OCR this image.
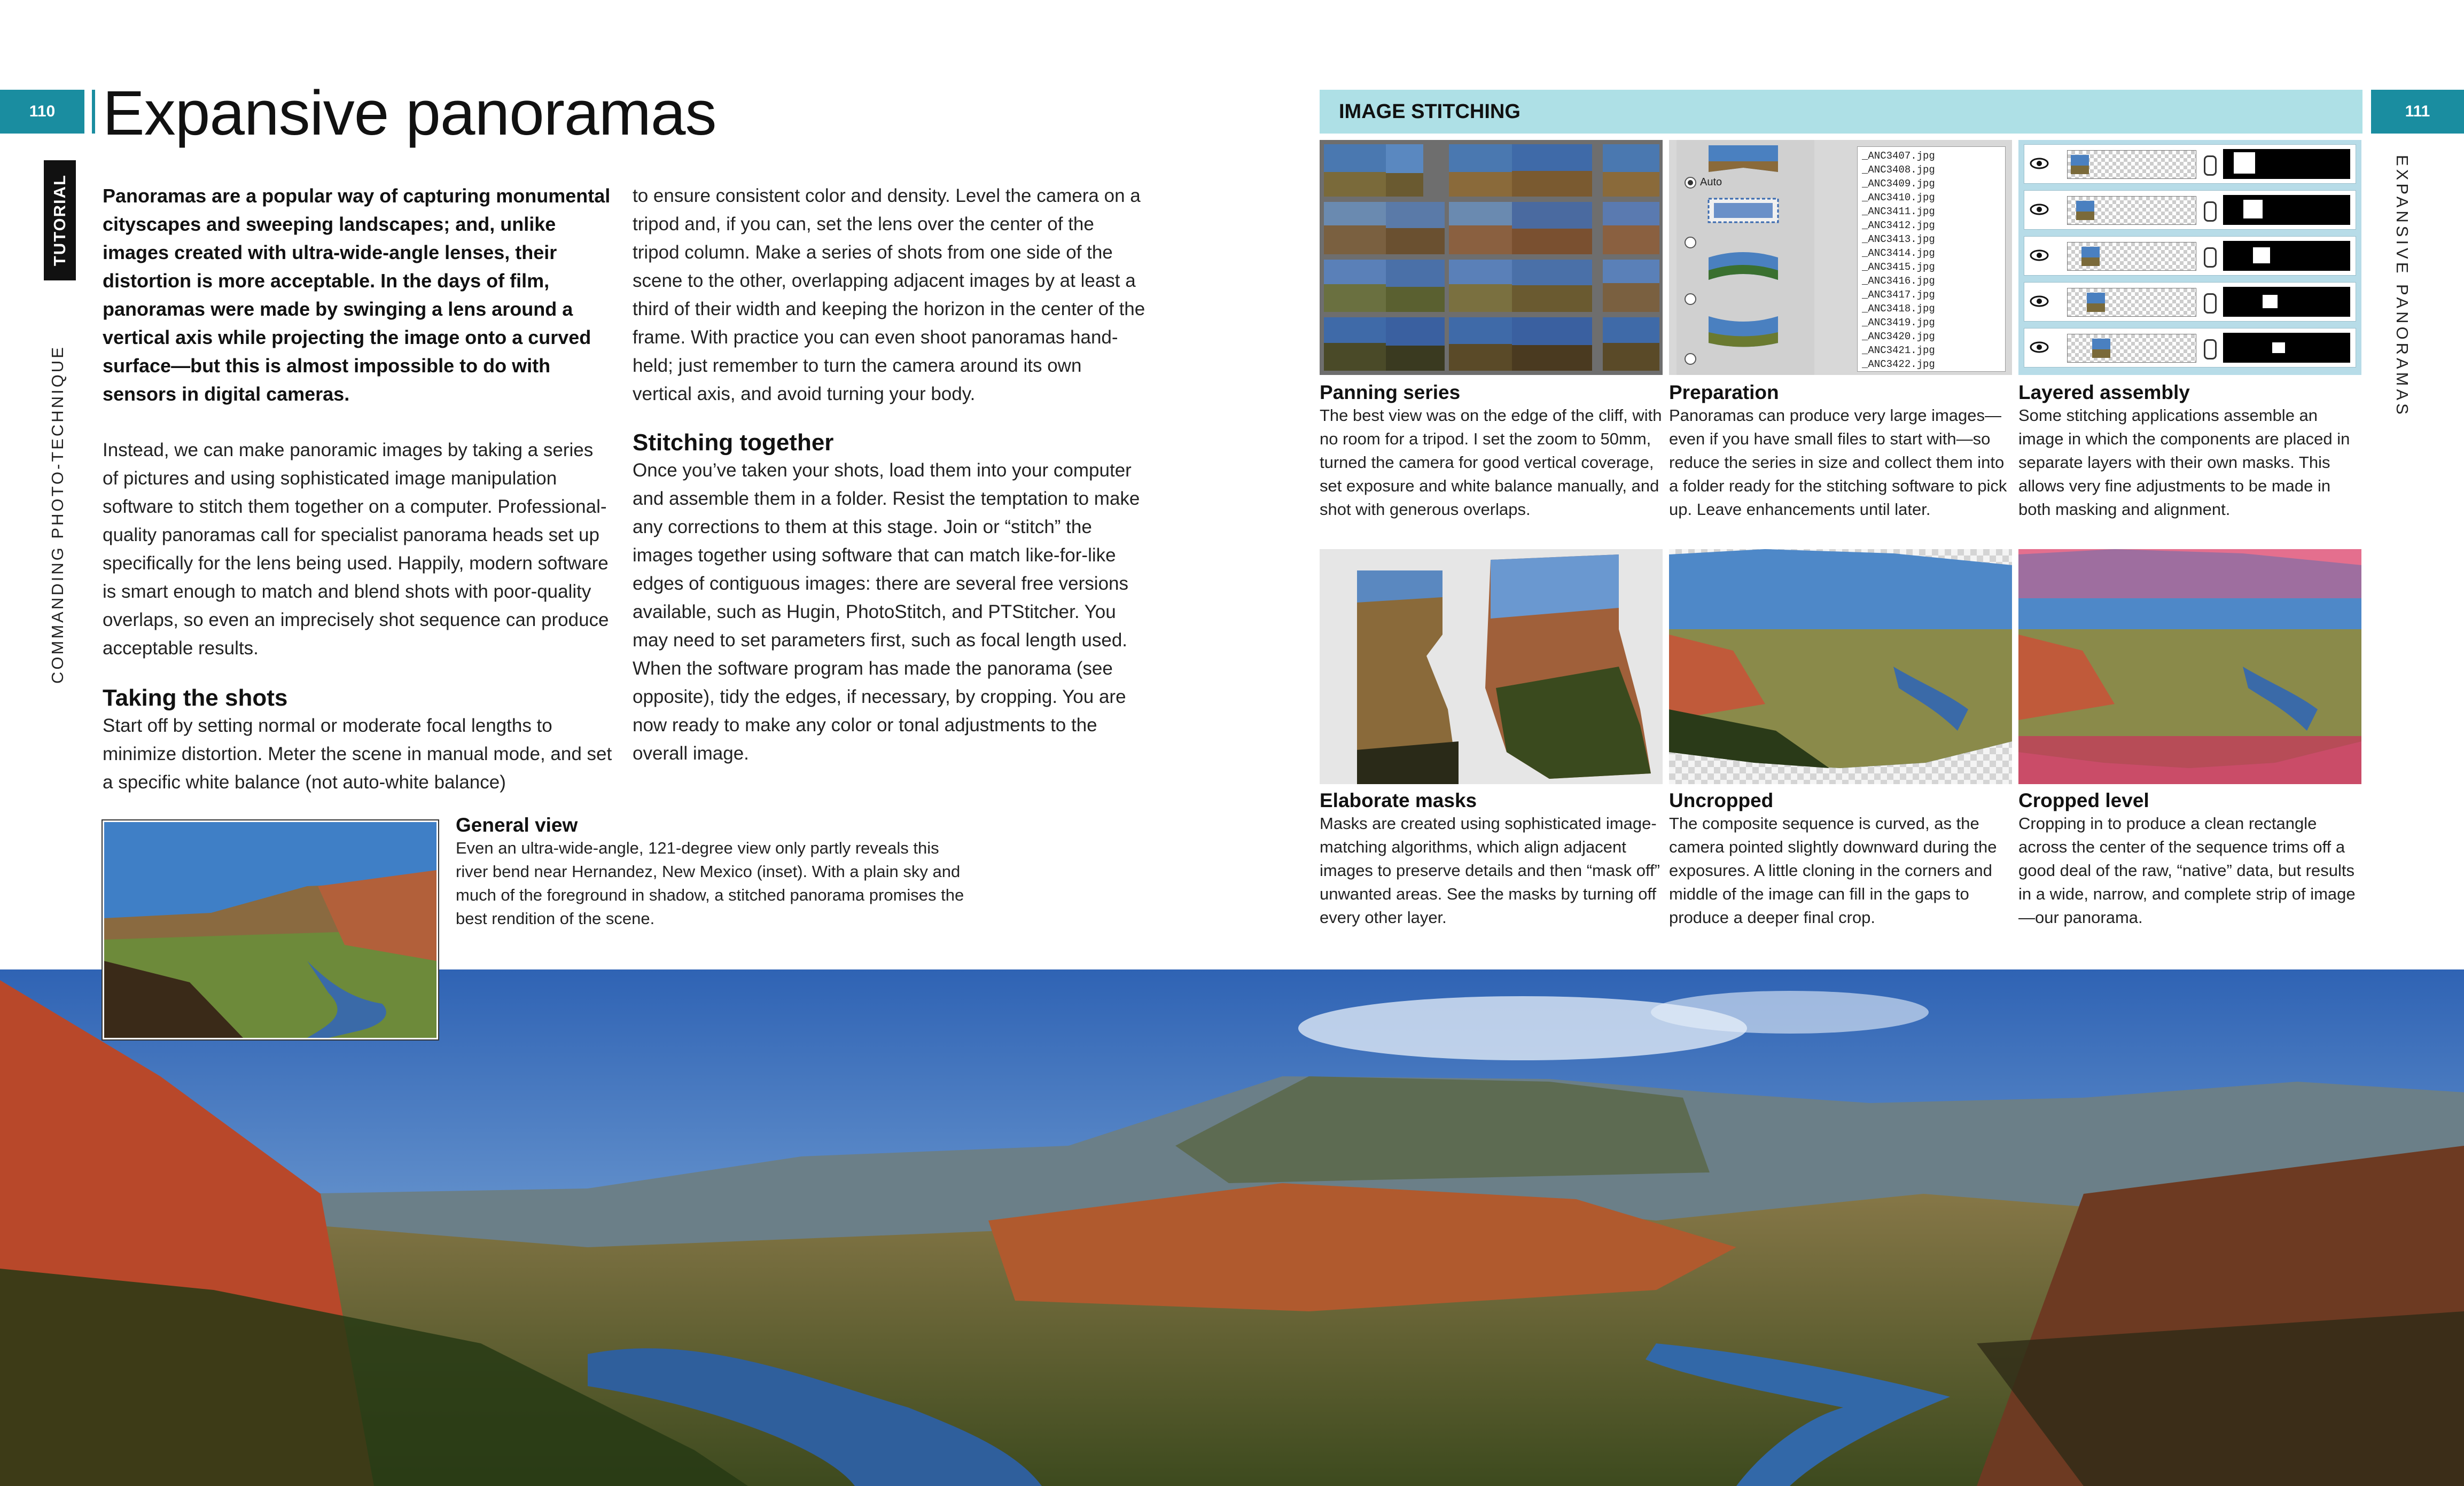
110
TUTORIAL
COMMANDING PHOTO-TECHNIQUE
Expansive panoramas

Panoramas are a popular way of capturing monumental cityscapes and sweeping landscapes; and, unlike images created with ultra-wide-angle lenses, their distortion is more acceptable. In the days of film, panoramas were made by swinging a lens around a vertical axis while projecting the image onto a curved surface—but this is almost impossible to do with sensors in digital cameras.

Instead, we can make panoramic images by taking a series of pictures and using sophisticated image manipulation software to stitch them together on a computer. Professional-quality panoramas call for specialist panorama heads set up specifically for the lens being used. Happily, modern software is smart enough to match and blend shots with poor-quality overlaps, so even an imprecisely shot sequence can produce acceptable results.

Taking the shots

Start off by setting normal or moderate focal lengths to minimize distortion. Meter the scene in manual mode, and set a specific white balance (not auto-white balance)

to ensure consistent color and density. Level the camera on a tripod and, if you can, set the lens over the center of the tripod column. Make a series of shots from one side of the scene to the other, overlapping adjacent images by at least a third of their width and keeping the horizon in the center of the frame. With practice you can even shoot panoramas hand-held; just remember to turn the camera around its own vertical axis, and avoid turning your body.

Stitching together

Once you’ve taken your shots, load them into your computer and assemble them in a folder. Resist the temptation to make any corrections to them at this stage. Join or “stitch” the images together using software that can match like-for-like edges of contiguous images: there are several free versions available, such as Hugin, PhotoStitch, and PTStitcher. You may need to set parameters first, such as focal length used. When the software program has made the panorama (see opposite), tidy the edges, if necessary, by cropping. You are now ready to make any color or tonal adjustments to the overall image.

General view
Even an ultra-wide-angle, 121-degree view only partly reveals this river bend near Hernandez, New Mexico (inset). With a plain sky and much of the foreground in shadow, a stitched panorama promises the best rendition of the scene.
IMAGE STITCHING	111
EXPANSIVE PANORAMAS
Auto
_ANC3407.jpg
_ANC3408.jpg
_ANC3409.jpg
_ANC3410.jpg
_ANC3411.jpg
_ANC3412.jpg
_ANC3413.jpg
_ANC3414.jpg
_ANC3415.jpg
_ANC3416.jpg
_ANC3417.jpg
_ANC3418.jpg
_ANC3419.jpg
_ANC3420.jpg
_ANC3421.jpg
_ANC3422.jpg
Panning series
The best view was on the edge of the cliff, with no room for a tripod. I set the zoom to 50mm, turned the camera for good vertical coverage, set exposure and white balance manually, and shot with generous overlaps.
Preparation
Panoramas can produce very large images—even if you have small files to start with—so reduce the series in size and collect them into a folder ready for the stitching software to pick up. Leave enhancements until later.
Layered assembly
Some stitching applications assemble an image in which the components are placed in separate layers with their own masks. This allows very fine adjustments to be made in both masking and alignment.
Elaborate masks
Masks are created using sophisticated image-matching algorithms, which align adjacent images to preserve details and then “mask off” unwanted areas. See the masks by turning off every other layer.
Uncropped
The composite sequence is curved, as the camera pointed slightly downward during the exposures. A little cloning in the corners and middle of the image can fill in the gaps to produce a deeper final crop.
Cropped level
Cropping in to produce a clean rectangle across the center of the sequence trims off a good deal of the raw, “native” data, but results in a wide, narrow, and complete strip of image—our panorama.
